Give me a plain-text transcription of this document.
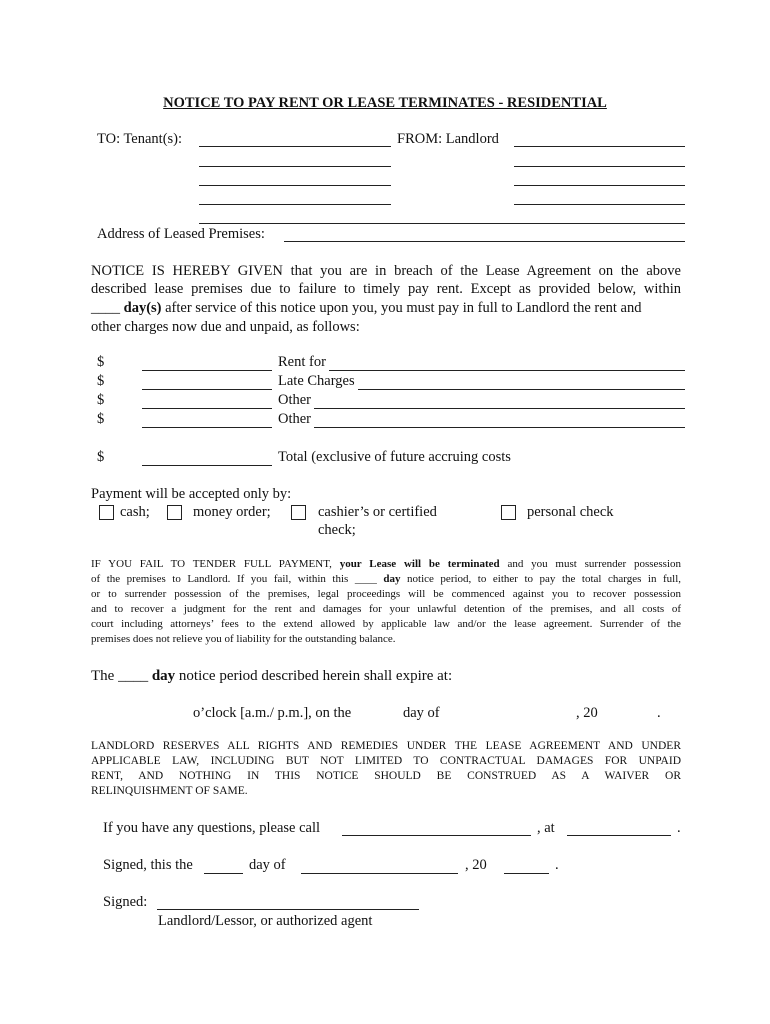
NOTICE TO PAY RENT OR LEASE TERMINATES - RESIDENTIAL
TO: Tenant(s):	FROM: Landlord
Address of Leased Premises:
NOTICE IS HEREBY GIVEN that you are in breach of the Lease Agreement on the above
described lease premises due to failure to timely pay rent. Except as provided below, within
____ day(s) after service of this notice upon you, you must pay in full to Landlord the rent and
other charges now due and unpaid, as follows:
$	Rent for
$	Late Charges
$	Other
$	Other
$	Total (exclusive of future accruing costs
Payment will be accepted only by:
cash;	money order;	cashier’s or certified
check;
personal check
IF YOU FAIL TO TENDER FULL PAYMENT, your Lease will be terminated and you must surrender possession
of the premises to Landlord. If you fail, within this ____ day notice period, to either to pay the total charges in full,
or to surrender possession of the premises, legal proceedings will be commenced against you to recover possession
and to recover a judgment for the rent and damages for your unlawful detention of the premises, and all costs of
court including attorneys’ fees to the extend allowed by applicable law and/or the lease agreement. Surrender of the
premises does not relieve you of liability for the outstanding balance.
The ____ day notice period described herein shall expire at:
o’clock [a.m./ p.m.], on the	day of	, 20	.
LANDLORD RESERVES ALL RIGHTS AND REMEDIES UNDER THE LEASE AGREEMENT AND UNDER
APPLICABLE LAW, INCLUDING BUT NOT LIMITED TO CONTRACTUAL DAMAGES FOR UNPAID
RENT, AND NOTHING IN THIS NOTICE SHOULD BE CONSTRUED AS A WAIVER OR
RELINQUISHMENT OF SAME.
If you have any questions, please call	, at	.
Signed, this the	day of	, 20	.
Signed:
Landlord/Lessor, or authorized agent
